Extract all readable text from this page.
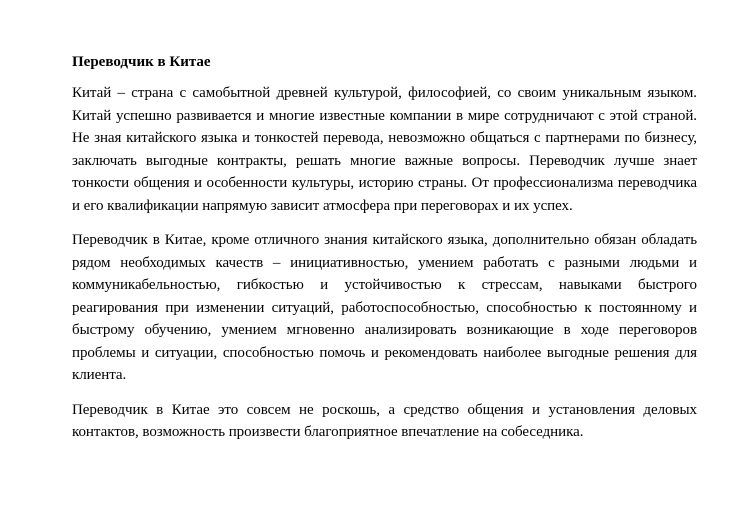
Переводчик в Китае

Китай – страна с самобытной древней культурой, философией, со своим уникальным языком. Китай успешно развивается и многие известные компании в мире сотрудничают с этой страной. Не зная китайского языка и тонкостей перевода, невозможно общаться с партнерами по бизнесу, заключать выгодные контракты, решать многие важные вопросы. Переводчик лучше знает тонкости общения и особенности культуры, историю страны. От профессионализма переводчика и его квалификации напрямую зависит атмосфера при переговорах и их успех.

Переводчик в Китае, кроме отличного знания китайского языка, дополнительно обязан обладать рядом необходимых качеств – инициативностью, умением работать с разными людьми и коммуникабельностью, гибкостью и устойчивостью к стрессам, навыками быстрого реагирования при изменении ситуаций, работоспособностью, способностью к постоянному и быстрому обучению, умением мгновенно анализировать возникающие в ходе переговоров проблемы и ситуации, способностью помочь и рекомендовать наиболее выгодные решения для клиента.

Переводчик в Китае это совсем не роскошь, а средство общения и установления деловых контактов, возможность произвести благоприятное впечатление на собеседника.
